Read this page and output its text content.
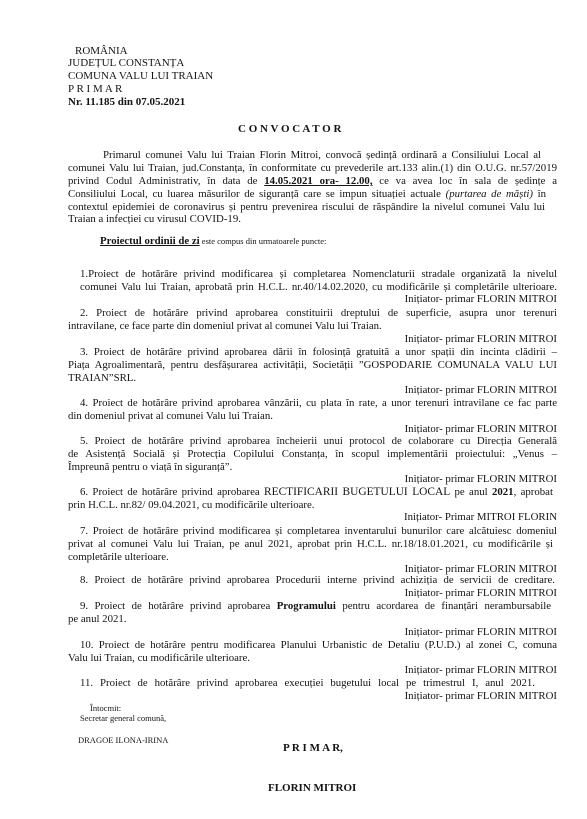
ROMÂNIA
JUDEȚUL CONSTANȚA
COMUNA VALU LUI TRAIAN
P R I M A R
Nr. 11.185 din 07.05.2021
C O N V O C A T O R
Primarul comunei Valu lui Traian Florin Mitroi, convocă ședință ordinară a Consiliului Local al
comunei Valu lui Traian, jud.Constanța, în conformitate cu prevederile art.133 alin.(1) din O.U.G. nr.57/2019
privind Codul Administrativ, în data de 14.05.2021 ora- 12.00, ce va avea loc în sala de ședințe a
Consiliului Local, cu luarea măsurilor de siguranță care se impun situației actuale (purtarea de măști) în
contextul epidemiei de coronavirus și pentru prevenirea riscului de răspândire la nivelul comunei Valu lui
Traian a infecției cu virusul COVID-19.
Proiectul ordinii de zi este compus din urmatoarele puncte:
1.Proiect de hotărâre privind modificarea și completarea Nomenclaturii stradale organizată la nivelul
comunei Valu lui Traian, aprobată prin H.C.L. nr.40/14.02.2020, cu modificările și completările ulterioare.
Inițiator- primar FLORIN MITROI
2. Proiect de hotărâre privind aprobarea constituirii dreptului de superficie, asupra unor terenuri
intravilane, ce face parte din domeniul privat al comunei Valu lui Traian.
Inițiator- primar FLORIN MITROI
3. Proiect de hotărâre privind aprobarea dării în folosință gratuită a unor spații din incinta clădirii –
Piața Agroalimentară, pentru desfășurarea activității, Societății ”GOSPODARIE COMUNALA VALU LUI
TRAIAN”SRL.
Inițiator- primar FLORIN MITROI
4. Proiect de hotărâre privind aprobarea vânzării, cu plata în rate, a unor terenuri intravilane ce fac parte
din domeniul privat al comunei Valu lui Traian.
Inițiator- primar FLORIN MITROI
5. Proiect de hotărâre privind aprobarea încheierii unui protocol de colaborare cu Direcția Generală
de Asistență Socială și Protecția Copilului Constanța, în scopul implementării proiectului: „Venus –
Împreună pentru o viață în siguranță”.
Inițiator- primar FLORIN MITROI
6. Proiect de hotărâre privind aprobarea RECTIFICARII BUGETULUI LOCAL pe anul 2021, aprobat
prin H.C.L. nr.82/ 09.04.2021, cu modificările ulterioare.
Inițiator- Primar MITROI FLORIN
7. Proiect de hotărâre privind modificarea și completarea inventarului bunurilor care alcătuiesc domeniul
privat al comunei Valu lui Traian, pe anul 2021, aprobat prin H.C.L. nr.18/18.01.2021, cu modificările și
completările ulterioare.
Inițiator- primar FLORIN MITROI
8. Proiect de hotărâre privind aprobarea Procedurii interne privind achiziția de servicii de creditare.
Inițiator- primar FLORIN MITROI
9. Proiect de hotărâre privind aprobarea Programului pentru acordarea de finanțări nerambursabile
pe anul 2021.
Inițiator- primar FLORIN MITROI
10. Proiect de hotărâre pentru modificarea Planului Urbanistic de Detaliu (P.U.D.) al zonei C, comuna
Valu lui Traian, cu modificările ulterioare.
Inițiator- primar FLORIN MITROI
11. Proiect de hotărâre privind aprobarea execuției bugetului local pe trimestrul I, anul 2021.
Inițiator- primar FLORIN MITROI
Întocmit:
Secretar general comună,
DRAGOE ILONA-IRINA
P R I M A R,
FLORIN MITROI
